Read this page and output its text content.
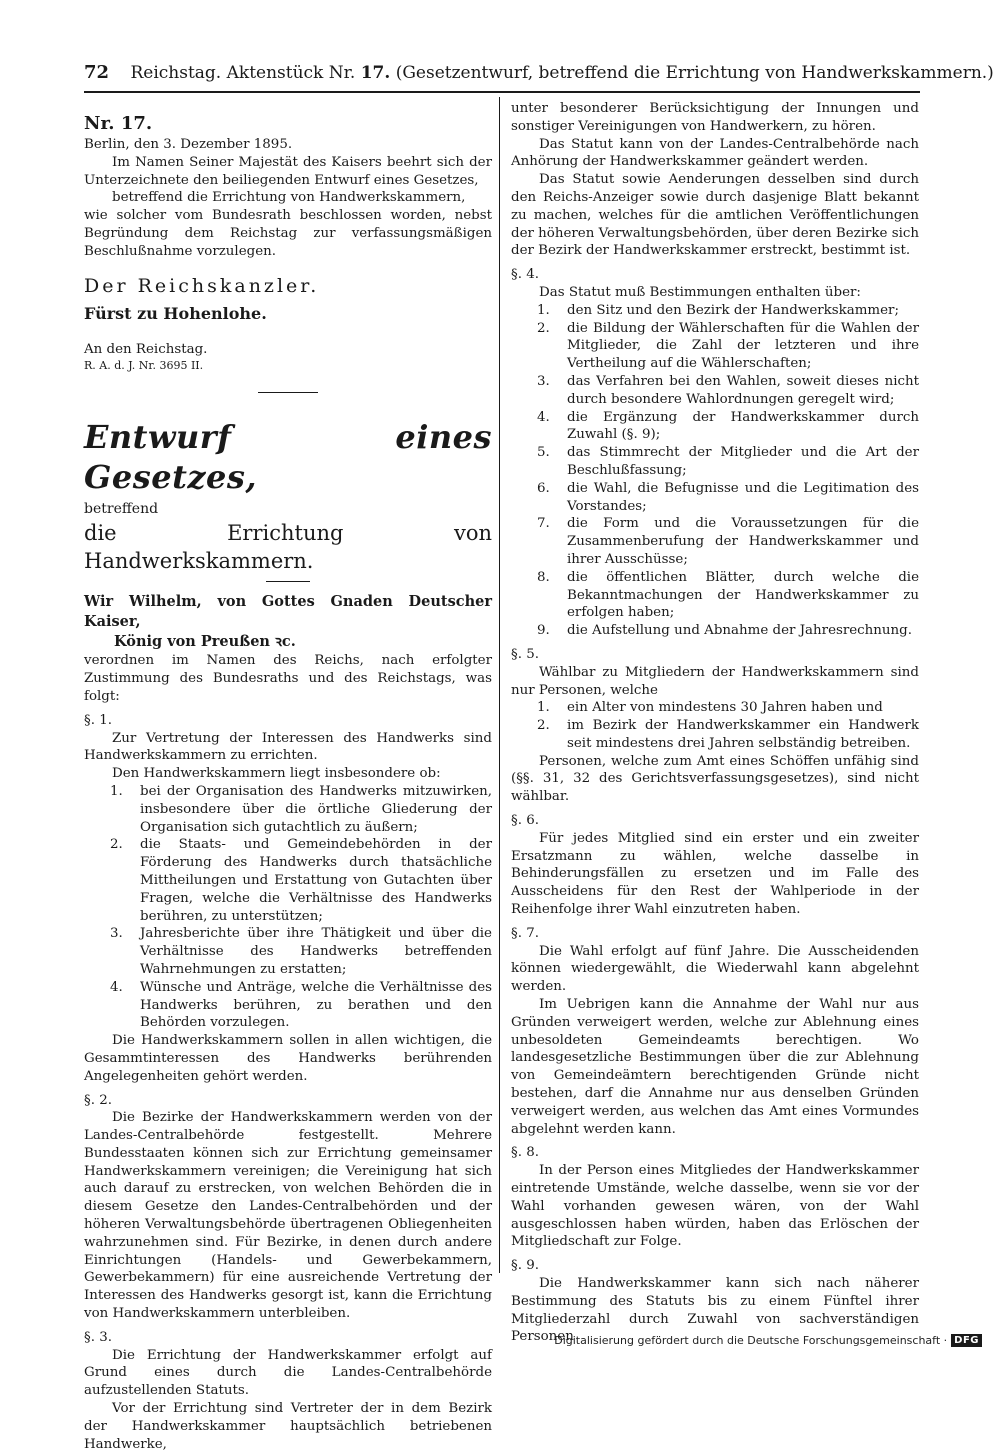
72 Reichstag. Aktenstück Nr. 17. (Gesetzentwurf, betreffend die Errichtung von Handwerkskammern.)

Nr. 17.

Berlin, den 3. Dezember 1895.

Im Namen Seiner Majestät des Kaisers beehrt sich der Unterzeichnete den beiliegenden Entwurf eines Gesetzes,

betreffend die Errichtung von Handwerkskammern,

wie solcher vom Bundesrath beschlossen worden, nebst Begründung dem Reichstag zur verfassungsmäßigen Beschlußnahme vorzulegen.

Der Reichskanzler.

Fürst zu Hohenlohe.

An den Reichstag.

R. A. d. J. Nr. 3695 II.

Entwurf eines Gesetzes,

betreffend

die Errichtung von Handwerkskammern.

Wir Wilhelm, von Gottes Gnaden Deutscher Kaiser,

König von Preußen ꝛc.

verordnen im Namen des Reichs, nach erfolgter Zustimmung des Bundesraths und des Reichstags, was folgt:

§. 1.

Zur Vertretung der Interessen des Handwerks sind Handwerkskammern zu errichten.

Den Handwerkskammern liegt insbesondere ob:

1. bei der Organisation des Handwerks mitzuwirken, insbesondere über die örtliche Gliederung der Organisation sich gutachtlich zu äußern;
2. die Staats- und Gemeindebehörden in der Förderung des Handwerks durch thatsächliche Mittheilungen und Erstattung von Gutachten über Fragen, welche die Verhältnisse des Handwerks berühren, zu unterstützen;
3. Jahresberichte über ihre Thätigkeit und über die Verhältnisse des Handwerks betreffenden Wahrnehmungen zu erstatten;
4. Wünsche und Anträge, welche die Verhältnisse des Handwerks berühren, zu berathen und den Behörden vorzulegen.

Die Handwerkskammern sollen in allen wichtigen, die Gesammtinteressen des Handwerks berührenden Angelegenheiten gehört werden.

§. 2.

Die Bezirke der Handwerkskammern werden von der Landes-Centralbehörde festgestellt. Mehrere Bundesstaaten können sich zur Errichtung gemeinsamer Handwerkskammern vereinigen; die Vereinigung hat sich auch darauf zu erstrecken, von welchen Behörden die in diesem Gesetze den Landes-Centralbehörden und der höheren Verwaltungsbehörde übertragenen Obliegenheiten wahrzunehmen sind. Für Bezirke, in denen durch andere Einrichtungen (Handels- und Gewerbekammern, Gewerbekammern) für eine ausreichende Vertretung der Interessen des Handwerks gesorgt ist, kann die Errichtung von Handwerkskammern unterbleiben.

§. 3.

Die Errichtung der Handwerkskammer erfolgt auf Grund eines durch die Landes-Centralbehörde aufzustellenden Statuts.

Vor der Errichtung sind Vertreter der in dem Bezirk der Handwerkskammer hauptsächlich betriebenen Handwerke,

unter besonderer Berücksichtigung der Innungen und sonstiger Vereinigungen von Handwerkern, zu hören.

Das Statut kann von der Landes-Centralbehörde nach Anhörung der Handwerkskammer geändert werden.

Das Statut sowie Aenderungen desselben sind durch den Reichs-Anzeiger sowie durch dasjenige Blatt bekannt zu machen, welches für die amtlichen Veröffentlichungen der höheren Verwaltungsbehörden, über deren Bezirke sich der Bezirk der Handwerkskammer erstreckt, bestimmt ist.

§. 4.

Das Statut muß Bestimmungen enthalten über:

1. den Sitz und den Bezirk der Handwerkskammer;
2. die Bildung der Wählerschaften für die Wahlen der Mitglieder, die Zahl der letzteren und ihre Vertheilung auf die Wählerschaften;
3. das Verfahren bei den Wahlen, soweit dieses nicht durch besondere Wahlordnungen geregelt wird;
4. die Ergänzung der Handwerkskammer durch Zuwahl (§. 9);
5. das Stimmrecht der Mitglieder und die Art der Beschlußfassung;
6. die Wahl, die Befugnisse und die Legitimation des Vorstandes;
7. die Form und die Voraussetzungen für die Zusammenberufung der Handwerkskammer und ihrer Ausschüsse;
8. die öffentlichen Blätter, durch welche die Bekanntmachungen der Handwerkskammer zu erfolgen haben;
9. die Aufstellung und Abnahme der Jahresrechnung.

§. 5.

Wählbar zu Mitgliedern der Handwerkskammern sind nur Personen, welche

1. ein Alter von mindestens 30 Jahren haben und
2. im Bezirk der Handwerkskammer ein Handwerk seit mindestens drei Jahren selbständig betreiben.

Personen, welche zum Amt eines Schöffen unfähig sind (§§. 31, 32 des Gerichtsverfassungsgesetzes), sind nicht wählbar.

§. 6.

Für jedes Mitglied sind ein erster und ein zweiter Ersatzmann zu wählen, welche dasselbe in Behinderungsfällen zu ersetzen und im Falle des Ausscheidens für den Rest der Wahlperiode in der Reihenfolge ihrer Wahl einzutreten haben.

§. 7.

Die Wahl erfolgt auf fünf Jahre. Die Ausscheidenden können wiedergewählt, die Wiederwahl kann abgelehnt werden.

Im Uebrigen kann die Annahme der Wahl nur aus Gründen verweigert werden, welche zur Ablehnung eines unbesoldeten Gemeindeamts berechtigen. Wo landesgesetzliche Bestimmungen über die zur Ablehnung von Gemeindeämtern berechtigenden Gründe nicht bestehen, darf die Annahme nur aus denselben Gründen verweigert werden, aus welchen das Amt eines Vormundes abgelehnt werden kann.

§. 8.

In der Person eines Mitgliedes der Handwerkskammer eintretende Umstände, welche dasselbe, wenn sie vor der Wahl vorhanden gewesen wären, von der Wahl ausgeschlossen haben würden, haben das Erlöschen der Mitgliedschaft zur Folge.

§. 9.

Die Handwerkskammer kann sich nach näherer Bestimmung des Statuts bis zu einem Fünftel ihrer Mitgliederzahl durch Zuwahl von sachverständigen Personen

Digitalisierung gefördert durch die Deutsche Forschungsgemeinschaft · DFG
